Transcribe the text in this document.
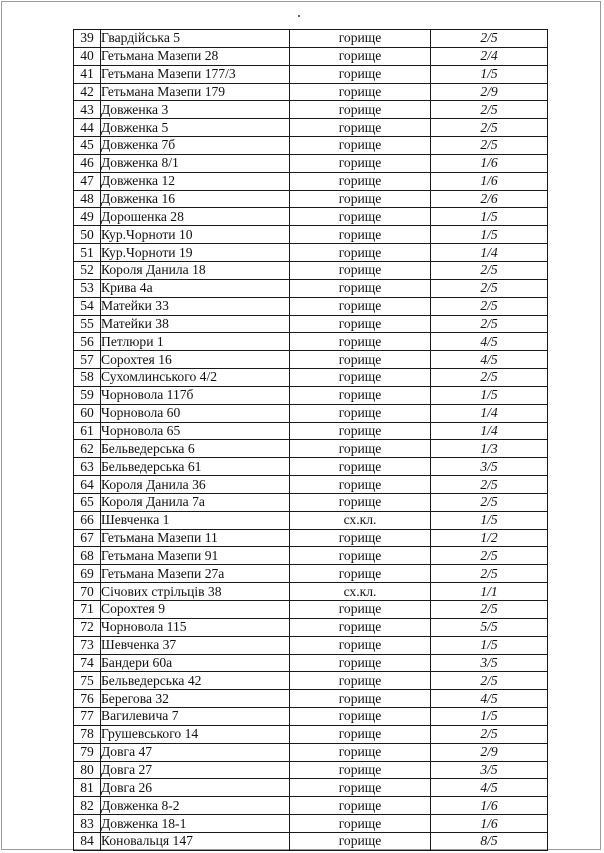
39	Гвардійська 5	горище	2/5
40	Гетьмана Мазепи 28	горище	2/4
41	Гетьмана Мазепи 177/3	горище	1/5
42	Гетьмана Мазепи 179	горище	2/9
43	Довженка 3	горище	2/5
44	Довженка 5	горище	2/5
45	Довженка 7б	горище	2/5
46	Довженка 8/1	горище	1/6
47	Довженка 12	горище	1/6
48	Довженка 16	горище	2/6
49	Дорошенка 28	горище	1/5
50	Кур.Чорноти 10	горище	1/5
51	Кур.Чорноти 19	горище	1/4
52	Короля Данила 18	горище	2/5
53	Крива 4а	горище	2/5
54	Матейки 33	горище	2/5
55	Матейки 38	горище	2/5
56	Петлюри 1	горище	4/5
57	Сорохтея 16	горище	4/5
58	Сухомлинського 4/2	горище	2/5
59	Чорновола 117б	горище	1/5
60	Чорновола 60	горище	1/4
61	Чорновола 65	горище	1/4
62	Бельведерська 6	горище	1/3
63	Бельведерська 61	горище	3/5
64	Короля Данила 36	горище	2/5
65	Короля Данила 7а	горище	2/5
66	Шевченка 1	сх.кл.	1/5
67	Гетьмана Мазепи 11	горище	1/2
68	Гетьмана Мазепи 91	горище	2/5
69	Гетьмана Мазепи 27а	горище	2/5
70	Січових стрільців 38	сх.кл.	1/1
71	Сорохтея 9	горище	2/5
72	Чорновола 115	горище	5/5
73	Шевченка 37	горище	1/5
74	Бандери 60а	горище	3/5
75	Бельведерська 42	горище	2/5
76	Берегова 32	горище	4/5
77	Вагилевича 7	горище	1/5
78	Грушевського 14	горище	2/5
79	Довга 47	горище	2/9
80	Довга 27	горище	3/5
81	Довга 26	горище	4/5
82	Довженка 8-2	горище	1/6
83	Довженка 18-1	горище	1/6
84	Коновальця 147	горище	8/5
